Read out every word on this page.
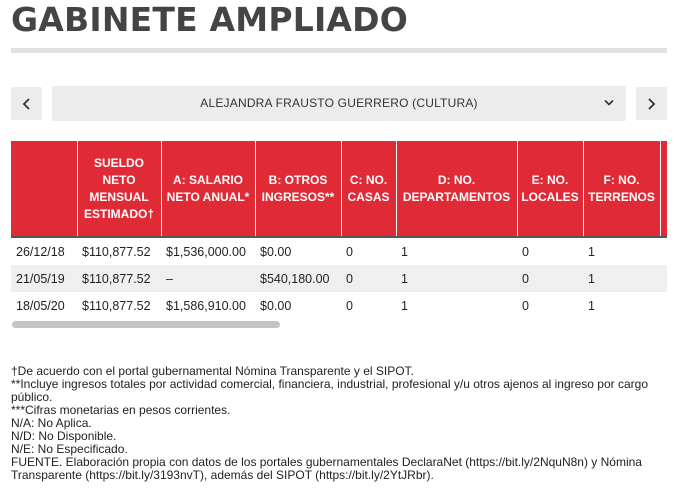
GABINETE AMPLIADO
ALEJANDRA FRAUSTO GUERRERO (CULTURA)
	SUELDO NETO MENSUAL ESTIMADO†	A: SALARIO NETO ANUAL*	B: OTROS INGRESOS**	C: NO. CASAS	D: NO. DEPARTAMENTOS	E: NO. LOCALES	F: NO. TERRENOS	
26/12/18	$110,877.52	$1,536,000.00	$0.00	0	1	0	1	
21/05/19	$110,877.52	–	$540,180.00	0	1	0	1	
18/05/20	$110,877.52	$1,586,910.00	$0.00	0	1	0	1	

†De acuerdo con el portal gubernamental Nómina Transparente y el SIPOT.

**Incluye ingresos totales por actividad comercial, financiera, industrial, profesional y/u otros ajenos al ingreso por cargo público.

***Cifras monetarias en pesos corrientes.

N/A: No Aplica.

N/D: No Disponible.

N/E: No Especificado.

FUENTE. Elaboración propia con datos de los portales gubernamentales DeclaraNet (https://bit.ly/2NquN8n) y Nómina Transparente (https://bit.ly/3193nvT), además del SIPOT (https://bit.ly/2YtJRbr).
